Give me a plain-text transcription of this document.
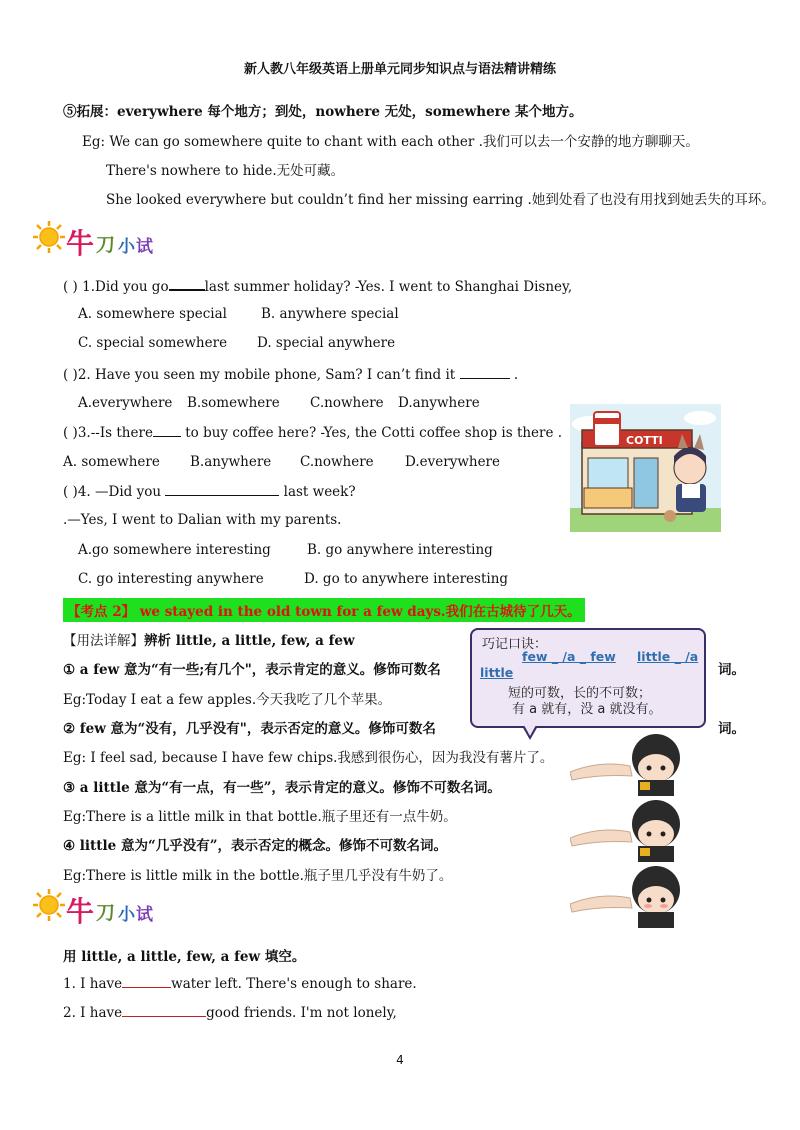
新人教八年级英语上册单元同步知识点与语法精讲精练
⑤拓展：everywhere 每个地方；到处，nowhere 无处，somewhere 某个地方。
Eg: We can go somewhere quite to chant with each other .我们可以去一个安静的地方聊聊天。
There's nowhere to hide.无处可藏。
She looked everywhere but couldn’t find her missing earring .她到处看了也没有用找到她丢失的耳环。
牛 刀 小 试
( ) 1.Did you go	last summer holiday? -Yes. I went to Shanghai Disney,
A. somewhere special	B. anywhere special
C. special somewhere D. special anywhere
( )2. Have you seen my mobile phone, Sam? I can’t find it	.
A.everywhere B.somewhere C.nowhere D.anywhere
( )3.--Is there to buy coffee here? -Yes, the Cotti coffee shop is there .
A. somewhere B.anywhere C.nowhere D.everywhere
( )4. —Did you	last week?
.—Yes, I went to Dalian with my parents.
A.go somewhere interesting	B. go anywhere interesting
C. go interesting anywhere	D. go to anywhere interesting
COTTI
【考点 2】 we stayed in the old town for a few days.我们在古城待了几天。
【用法详解】辨析 little, a little, few, a few
① a few 意为“有一些;有几个"，表示肯定的意义。修饰可数名	词。
Eg:Today I eat a few apples.今天我吃了几个苹果。
② few 意为“没有，几乎没有"，表示否定的意义。修饰可数名	词。
Eg: I feel sad, because I have few chips.我感到很伤心，因为我没有薯片了。
③ a little 意为“有一点，有一些”，表示肯定的意义。修饰不可数名词。
Eg:There is a little milk in that bottle.瓶子里还有一点牛奶。
④ little 意为“几乎没有”，表示否定的概念。修饰不可数名词。
Eg:There is little milk in the bottle.瓶子里几乎没有牛奶了。
巧记口诀：
few _ /a _ few little _ /a
little
短的可数，长的不可数；
有 a 就有，没 a 就没有。
牛 刀 小 试
用 little, a little, few, a few 填空。
1. I have	water left. There's enough to share.
2. I have	good friends. I'm not lonely,
4
